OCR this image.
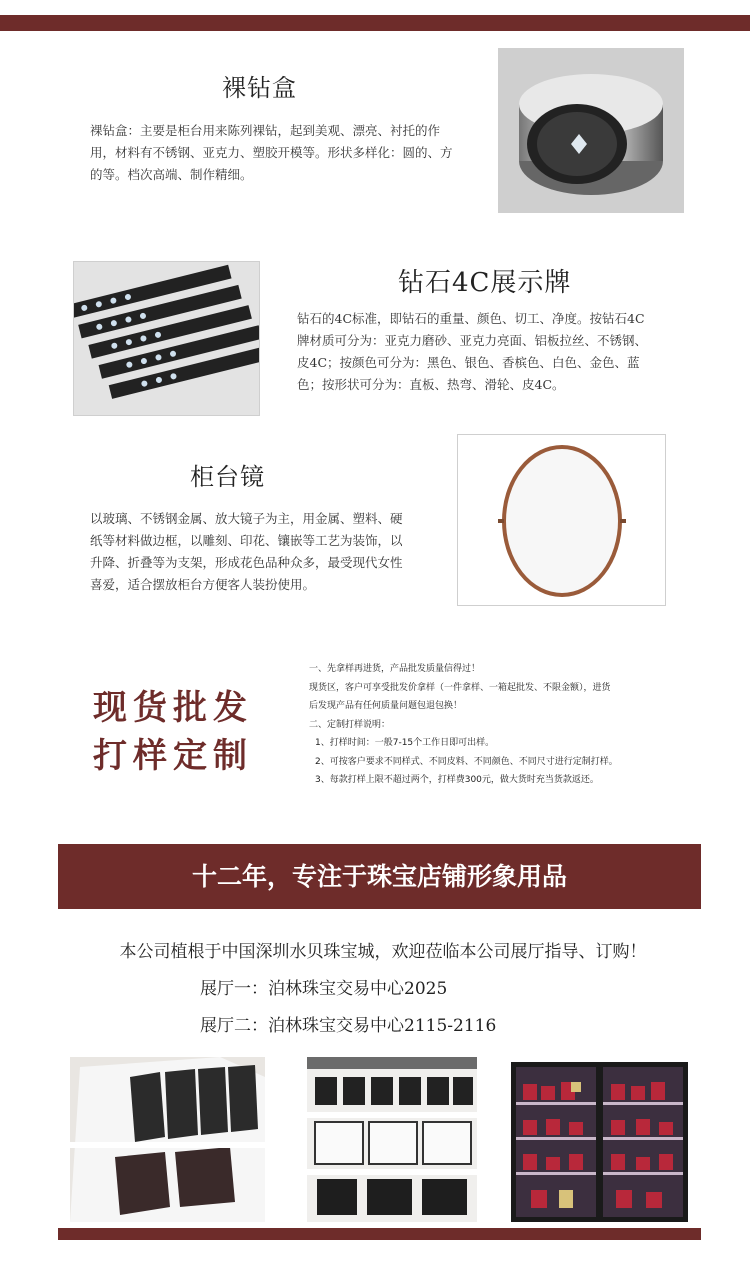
裸钻盒
裸钻盒：主要是柜台用来陈列裸钻，起到美观、漂亮、衬托的作用，材料有不锈钢、亚克力、塑胶开模等。形状多样化：圆的、方的等。档次高端、制作精细。
钻石4C展示牌
钻石的4C标准，即钻石的重量、颜色、切工、净度。按钻石4C牌材质可分为：亚克力磨砂、亚克力亮面、铝板拉丝、不锈钢、皮4C；按颜色可分为：黑色、银色、香槟色、白色、金色、蓝色；按形状可分为：直板、热弯、滑轮、皮4C。
柜台镜
以玻璃、不锈钢金属、放大镜子为主，用金属、塑料、硬纸等材料做边框，以雕刻、印花、镶嵌等工艺为装饰，以升降、折叠等为支架，形成花色品种众多，最受现代女性喜爱，适合摆放柜台方便客人装扮使用。
现货批发
打样定制
一、先拿样再进货，产品批发质量信得过！
现货区，客户可享受批发价拿样（一件拿样、一箱起批发、不限金额），进货
后发现产品有任何质量问题包退包换！
二、定制打样说明：
1、打样时间：一般7-15个工作日即可出样。
2、可按客户要求不同样式、不同皮料、不同颜色、不同尺寸进行定制打样。
3、每款打样上限不超过两个，打样费300元，做大货时充当货款返还。
十二年，专注于珠宝店铺形象用品
本公司植根于中国深圳水贝珠宝城，欢迎莅临本公司展厅指导、订购！
展厅一：泊林珠宝交易中心2025
展厅二：泊林珠宝交易中心2115-2116
